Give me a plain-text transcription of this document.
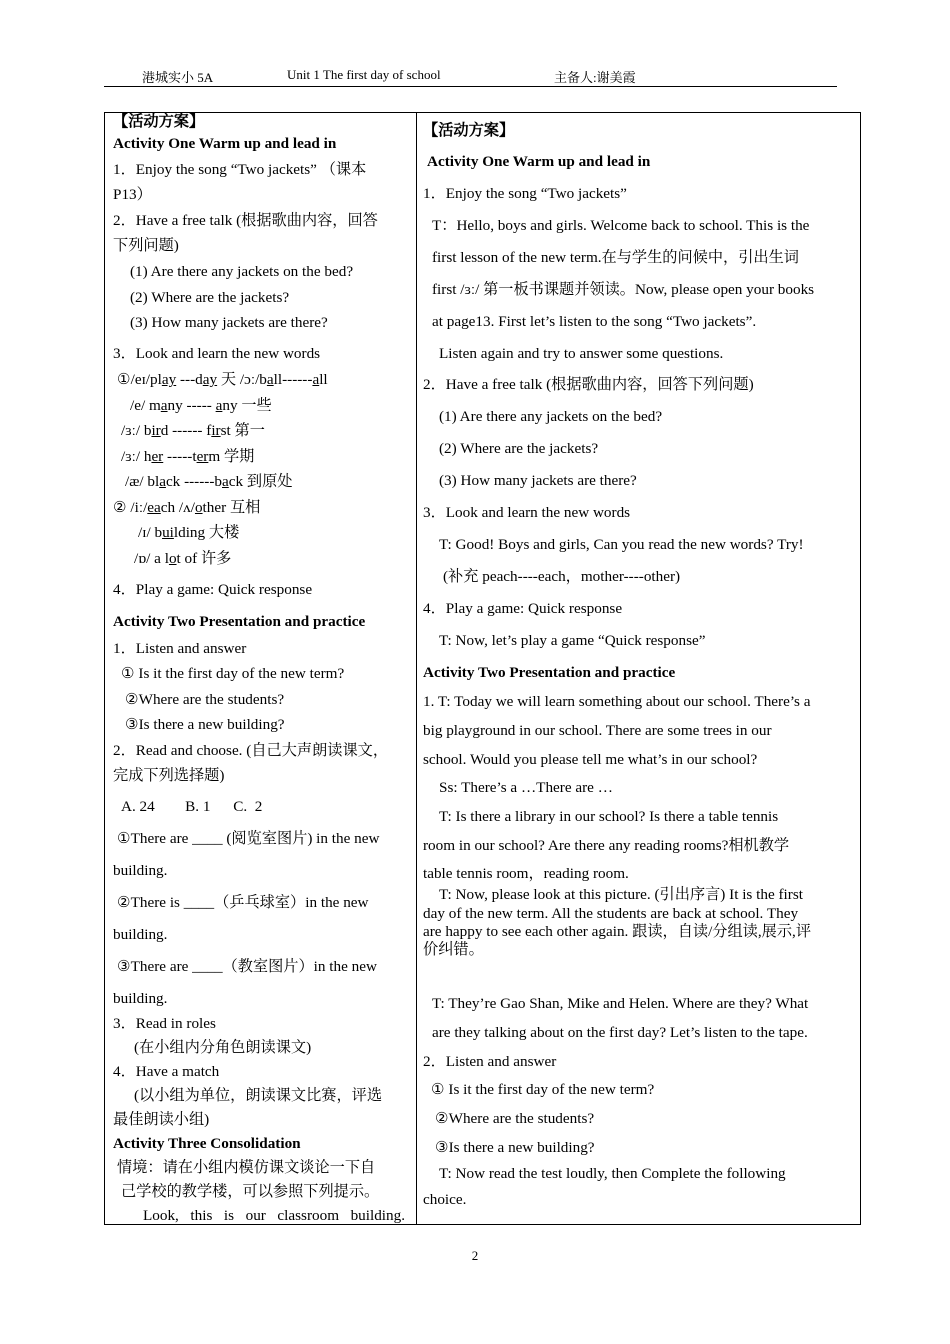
港城实小 5A	Unit 1 The first day of school	主备人:谢美霞
【活动方案】
Activity One Warm up and lead in
1．Enjoy the song “Two jackets” （课本
P13）
2．Have a free talk (根据歌曲内容，回答
下列问题)
(1) Are there any jackets on the bed?
(2) Where are the jackets?
(3) How many jackets are there?
3．Look and learn the new words
①/eɪ/play ---day 天 /ɔː/ball------all
/e/ many ----- any 一些
/ɜː/ bird ------ first 第一
/ɜː/ her -----term 学期
/æ/ black ------back 到原处
② /iː/each /ʌ/other 互相
/ɪ/ building 大楼
/ɒ/ a lot of 许多
4．Play a game: Quick response
Activity Two Presentation and practice
1．Listen and answer
① Is it the first day of the new term?
②Where are the students?
③Is there a new building?
2．Read and choose. (自己大声朗读课文，
完成下列选择题)
A. 24        B. 1      C.  2
①There are ____ (阅览室图片) in the new
building.
②There is ____（乒乓球室）in the new
building.
③There are ____（教室图片）in the new
building.
3．Read in roles
(在小组内分角色朗读课文)
4．Have a match
(以小组为单位，朗读课文比赛，评选
最佳朗读小组)
Activity Three Consolidation
情境：请在小组内模仿课文谈论一下自
己学校的教学楼，可以参照下列提示。
Look, this is our classroom building.
【活动方案】
Activity One Warm up and lead in
1．Enjoy the song “Two jackets”
T：Hello, boys and girls. Welcome back to school. This is the
first lesson of the new term.在与学生的问候中，引出生词
first /ɜː/ 第一板书课题并领读。Now, please open your books
at page13. First let’s listen to the song “Two jackets”.
Listen again and try to answer some questions.
2．Have a free talk (根据歌曲内容，回答下列问题)
(1) Are there any jackets on the bed?
(2) Where are the jackets?
(3) How many jackets are there?
3．Look and learn the new words
T: Good! Boys and girls, Can you read the new words? Try!
(补充 peach----each，mother----other)
4．Play a game: Quick response
T: Now, let’s play a game “Quick response”
Activity Two Presentation and practice
1. T: Today we will learn something about our school. There’s a
big playground in our school. There are some trees in our
school. Would you please tell me what’s in our school?
Ss: There’s a …There are …
T: Is there a library in our school? Is there a table tennis
room in our school? Are there any reading rooms?相机教学
table tennis room，reading room.
T: Now, please look at this picture. (引出序言) It is the first
day of the new term. All the students are back at school. They
are happy to see each other again. 跟读，自读/分组读,展示,评
价纠错。
T: They’re Gao Shan, Mike and Helen. Where are they? What
are they talking about on the first day? Let’s listen to the tape.
2．Listen and answer
① Is it the first day of the new term?
②Where are the students?
③Is there a new building?
T: Now read the test loudly, then Complete the following
choice.
2
